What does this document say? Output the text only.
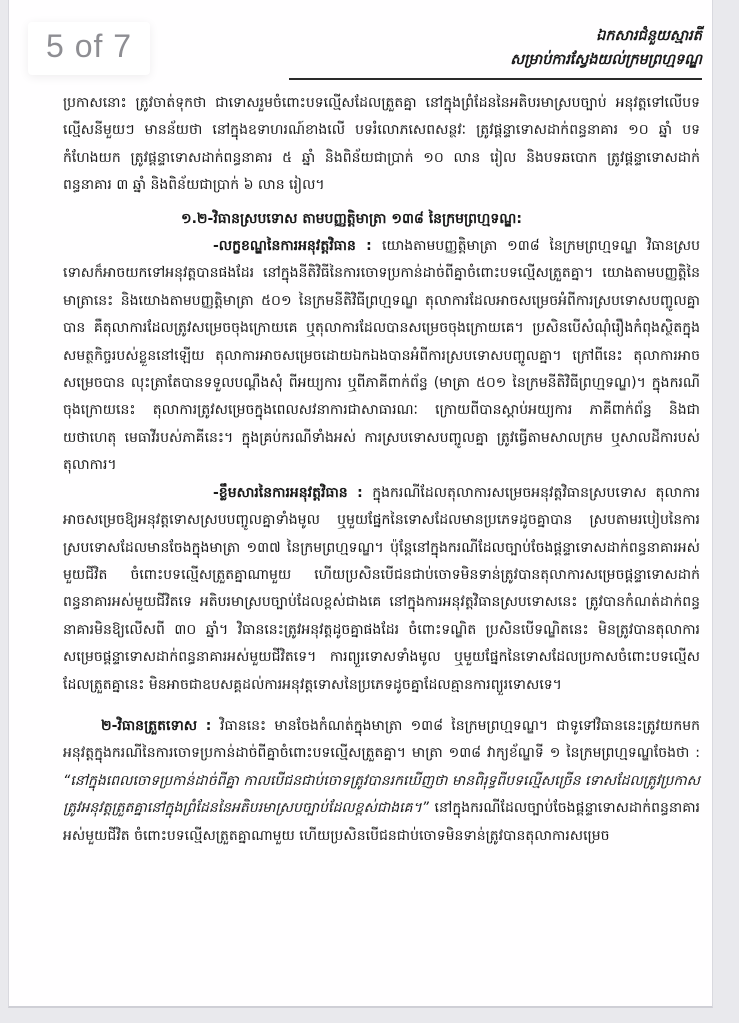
5 of 7	ឯកសារជំនួយស្មារតី
សម្រាប់ការស្វែងយល់ក្រមព្រហ្មទណ្ឌ

ប្រកាសនោះ ត្រូវចាត់ទុកថា ជាទោសរួមចំពោះបទល្មើសដែលត្រួតគ្នា នៅក្នុងព្រំដែននៃអតិបរមាស្របច្បាប់ អនុវត្តទៅលើបទល្មើសនីមួយៗ មានន័យថា នៅក្នុងឧទាហរណ៍ខាងលើ បទរំលោភសេពសន្ថវៈ ត្រូវផ្តន្ទាទោសដាក់ពន្ធនាគារ ១០ ឆ្នាំ បទកំហែងយក ត្រូវផ្តន្ទាទោសដាក់ពន្ធនាគារ ៥ ឆ្នាំ និងពិន័យជាប្រាក់ ១០ លាន រៀល និងបទឆបោក ត្រូវផ្តន្ទាទោសដាក់ពន្ធនាគារ ៣ ឆ្នាំ និងពិន័យជាប្រាក់ ៦ លាន រៀល។

១.២-វិធានស្របទោស តាមបញ្ញត្តិមាត្រា ១៣៨ នៃក្រមព្រហ្មទណ្ឌ:

-លក្ខខណ្ឌនៃការអនុវត្តវិធាន : យោងតាមបញ្ញត្តិមាត្រា ១៣៨ នៃក្រមព្រហ្មទណ្ឌ វិធានស្របទោសក៏អាចយកទៅអនុវត្តបានផងដែរ នៅក្នុងនីតិវិធីនៃការចោទប្រកាន់ដាច់ពីគ្នាចំពោះបទល្មើសត្រួតគ្នា។ យោងតាមបញ្ញត្តិនៃមាត្រានេះ និងយោងតាមបញ្ញត្តិមាត្រា ៥០១ នៃក្រមនីតិវិធីព្រហ្មទណ្ឌ តុលាការដែលអាចសម្រេចអំពីការស្របទោសបញ្ចូលគ្នាបាន គឺតុលាការដែលត្រូវសម្រេចចុងក្រោយគេ ឬតុលាការដែលបានសម្រេចចុងក្រោយគេ។ ប្រសិនបើសំណុំរឿងកំពុងស្ថិតក្នុងសមត្ថកិច្ចរបស់ខ្លួននៅឡើយ តុលាការអាចសម្រេចដោយឯកឯងបានអំពីការស្របទោសបញ្ចូលគ្នា។ ក្រៅពីនេះ តុលាការអាចសម្រេចបាន លុះត្រាតែបានទទួលបណ្តឹងសុំ ពីអយ្យការ ឬពីភាគីពាក់ព័ន្ធ (មាត្រា ៥០១ នៃក្រមនីតិវិធីព្រហ្មទណ្ឌ)។ ក្នុងករណីចុងក្រោយនេះ តុលាការត្រូវសម្រេចក្នុងពេលសវនាការជាសាធារណៈ ក្រោយពីបានស្តាប់អយ្យការ ភាគីពាក់ព័ន្ធ និងជាយថាហេតុ មេធាវីរបស់ភាគីនេះ។ ក្នុងគ្រប់ករណីទាំងអស់ ការស្របទោសបញ្ចូលគ្នា ត្រូវធ្វើតាមសាលក្រម ឬសាលដីការបស់តុលាការ។

-ខ្លឹមសារនៃការអនុវត្តវិធាន : ក្នុងករណីដែលតុលាការសម្រេចអនុវត្តវិធានស្របទោស តុលាការអាចសម្រេចឱ្យអនុវត្តទោសស្របបញ្ចូលគ្នាទាំងមូល ឬមួយផ្នែកនៃទោសដែលមានប្រភេទដូចគ្នាបាន ស្របតាមរបៀបនៃការស្របទោសដែលមានចែងក្នុងមាត្រា ១៣៧ នៃក្រមព្រហ្មទណ្ឌ។ ប៉ុន្តែនៅក្នុងករណីដែលច្បាប់ចែងផ្តន្ទាទោសដាក់ពន្ធនាគារអស់មួយជីវិត ចំពោះបទល្មើសត្រួតគ្នាណាមួយ ហើយប្រសិនបើជនជាប់ចោទមិនទាន់ត្រូវបានតុលាការសម្រេចផ្តន្ទាទោសដាក់ពន្ធនាគារអស់មួយជីវិតទេ អតិបរមាស្របច្បាប់ដែលខ្ពស់ជាងគេ នៅក្នុងការអនុវត្តវិធានស្របទោសនេះ ត្រូវបានកំណត់ដាក់ពន្ធនាគារមិនឱ្យលើសពី ៣០ ឆ្នាំ។ វិធាននេះត្រូវអនុវត្តដូចគ្នាផងដែរ ចំពោះទណ្ឌិត ប្រសិនបើទណ្ឌិតនេះ មិនត្រូវបានតុលាការសម្រេចផ្តន្ទាទោសដាក់ពន្ធនាគារអស់មួយជីវិតទេ។ ការព្យួរទោសទាំងមូល ឬមួយផ្នែកនៃទោសដែលប្រកាសចំពោះបទល្មើសដែលត្រួតគ្នានេះ មិនអាចជាឧបសគ្គដល់ការអនុវត្តទោសនៃប្រភេទដូចគ្នាដែលគ្មានការព្យួរទោសទេ។

២-វិធានត្រួតទោស : វិធាននេះ មានចែងកំណត់ក្នុងមាត្រា ១៣៨ នៃក្រមព្រហ្មទណ្ឌ។ ជាទូទៅវិធាននេះត្រូវយកមកអនុវត្តក្នុងករណីនៃការចោទប្រកាន់ដាច់ពីគ្នាចំពោះបទល្មើសត្រួតគ្នា។ មាត្រា ១៣៨ វាក្យខ័ណ្ឌទី ១ នៃក្រមព្រហ្មទណ្ឌចែងថា : “នៅក្នុងពេលចោទប្រកាន់ដាច់ពីគ្នា កាលបើជនជាប់ចោទត្រូវបានរកឃើញថា មានពិរុទ្ធពីបទល្មើសច្រើន ទោសដែលត្រូវប្រកាស ត្រូវអនុវត្តត្រួតគ្នានៅក្នុងព្រំដែននៃអតិបរមាស្របច្បាប់ដែលខ្ពស់ជាងគេ។” នៅក្នុងករណីដែលច្បាប់ចែងផ្តន្ទាទោសដាក់ពន្ធនាគារអស់មួយជីវិត ចំពោះបទល្មើសត្រួតគ្នាណាមួយ ហើយប្រសិនបើជនជាប់ចោទមិនទាន់ត្រូវបានតុលាការសម្រេច
